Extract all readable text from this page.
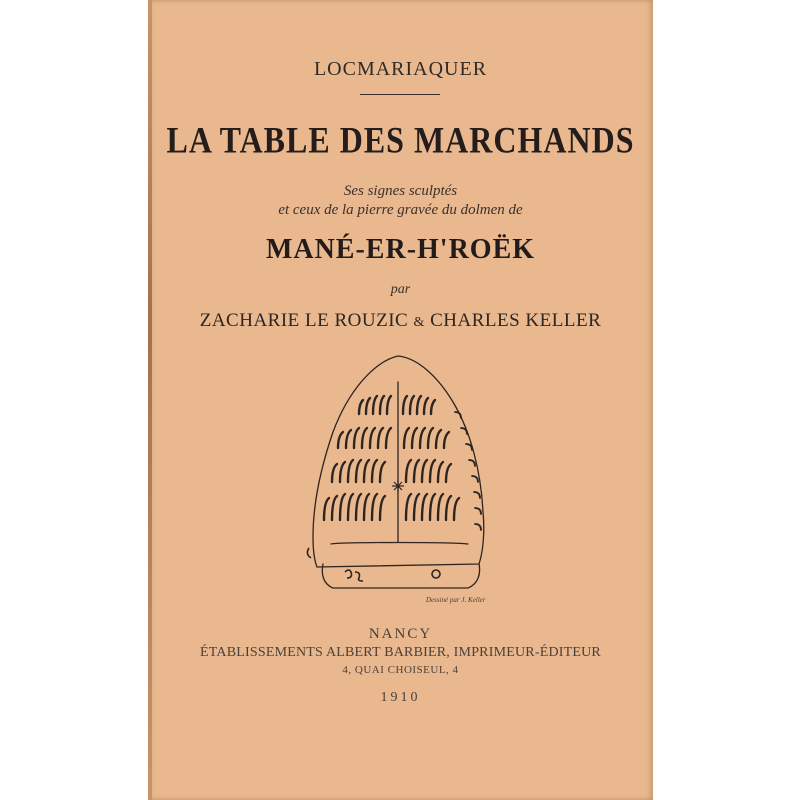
LOCMARIAQUER
LA TABLE DES MARCHANDS
Ses signes sculptés
et ceux de la pierre gravée du dolmen de
MANÉ-ER-H'ROËK
par
ZACHARIE LE ROUZIC & CHARLES KELLER
Dessiné par J. Keller
NANCY
ÉTABLISSEMENTS ALBERT BARBIER, IMPRIMEUR-ÉDITEUR
4, QUAI CHOISEUL, 4
1910
